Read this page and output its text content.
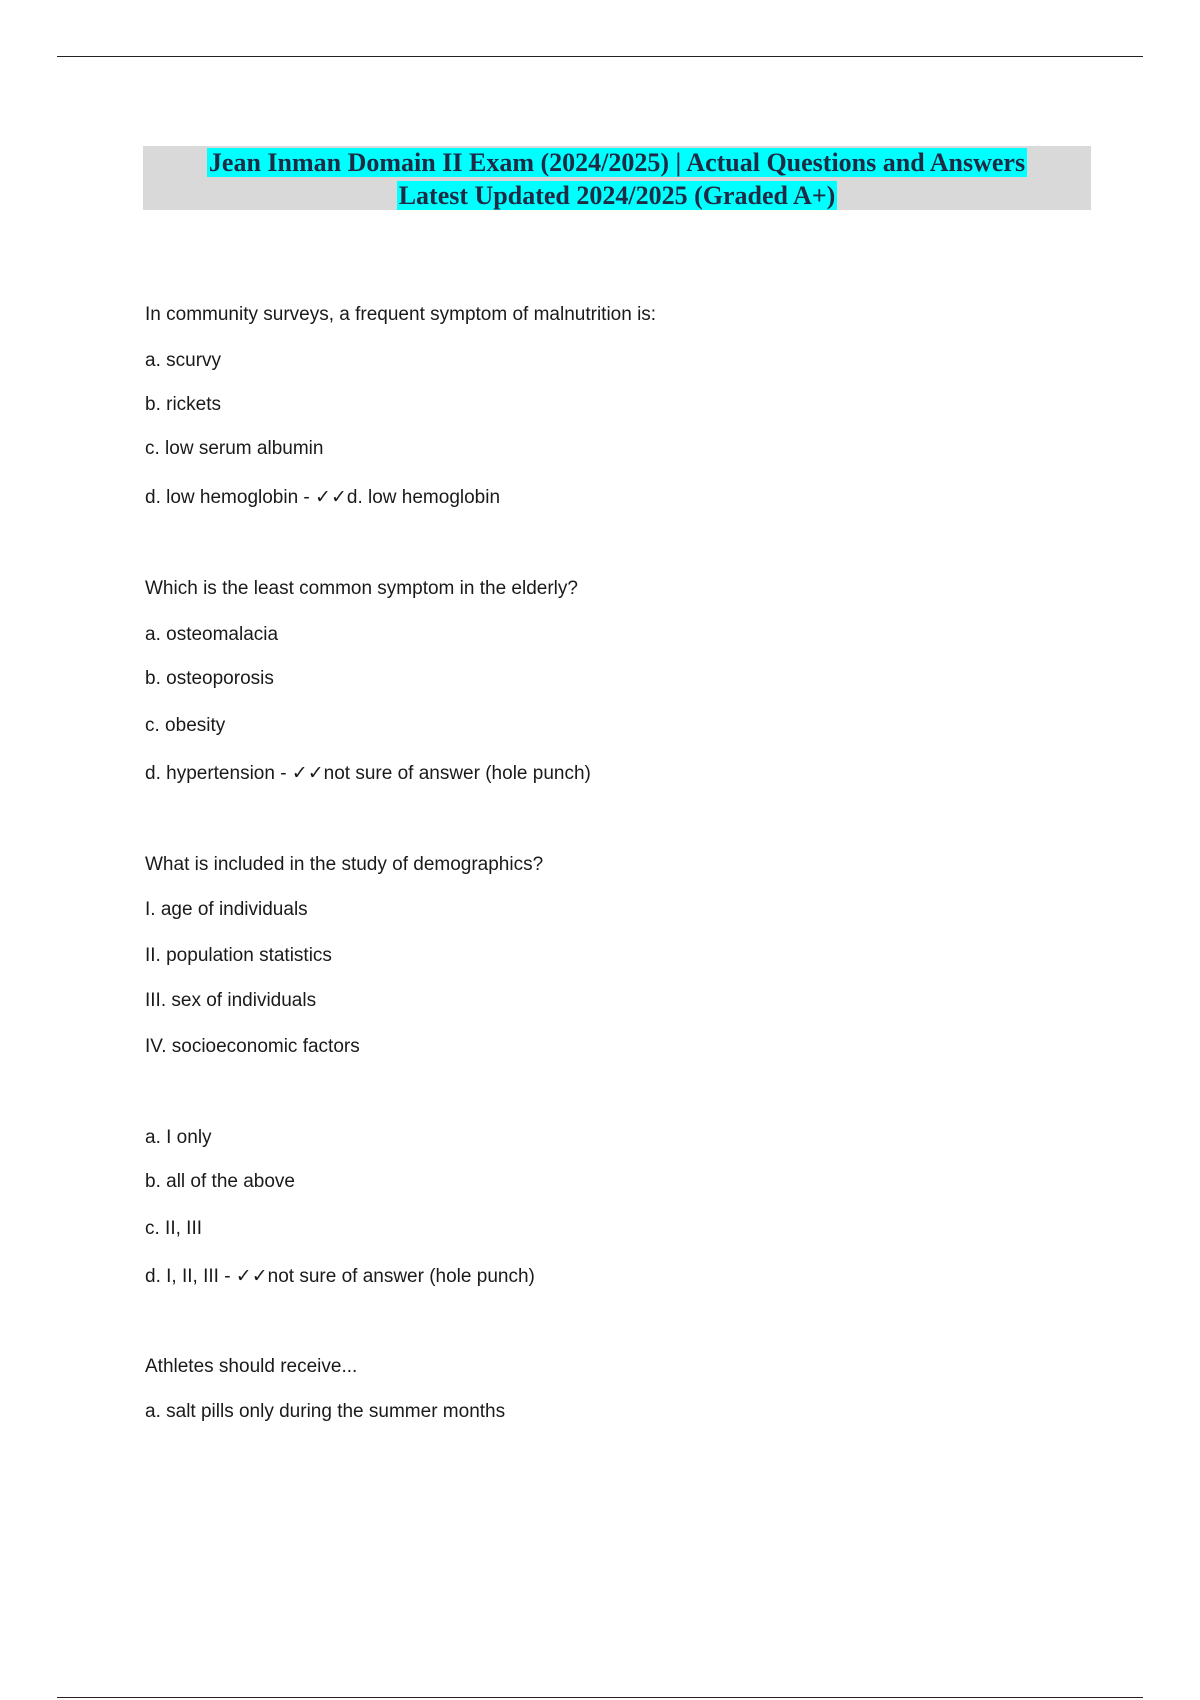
Jean Inman Domain II Exam (2024/2025) | Actual Questions and Answers
Latest Updated 2024/2025 (Graded A+)

In community surveys, a frequent symptom of malnutrition is:

a. scurvy

b. rickets

c. low serum albumin

d. low hemoglobin - ✓✓d. low hemoglobin

Which is the least common symptom in the elderly?

a. osteomalacia

b. osteoporosis

c. obesity

d. hypertension - ✓✓not sure of answer (hole punch)

What is included in the study of demographics?

I. age of individuals

II. population statistics

III. sex of individuals

IV. socioeconomic factors

a. I only

b. all of the above

c. II, III

d. I, II, III - ✓✓not sure of answer (hole punch)

Athletes should receive...

a. salt pills only during the summer months
